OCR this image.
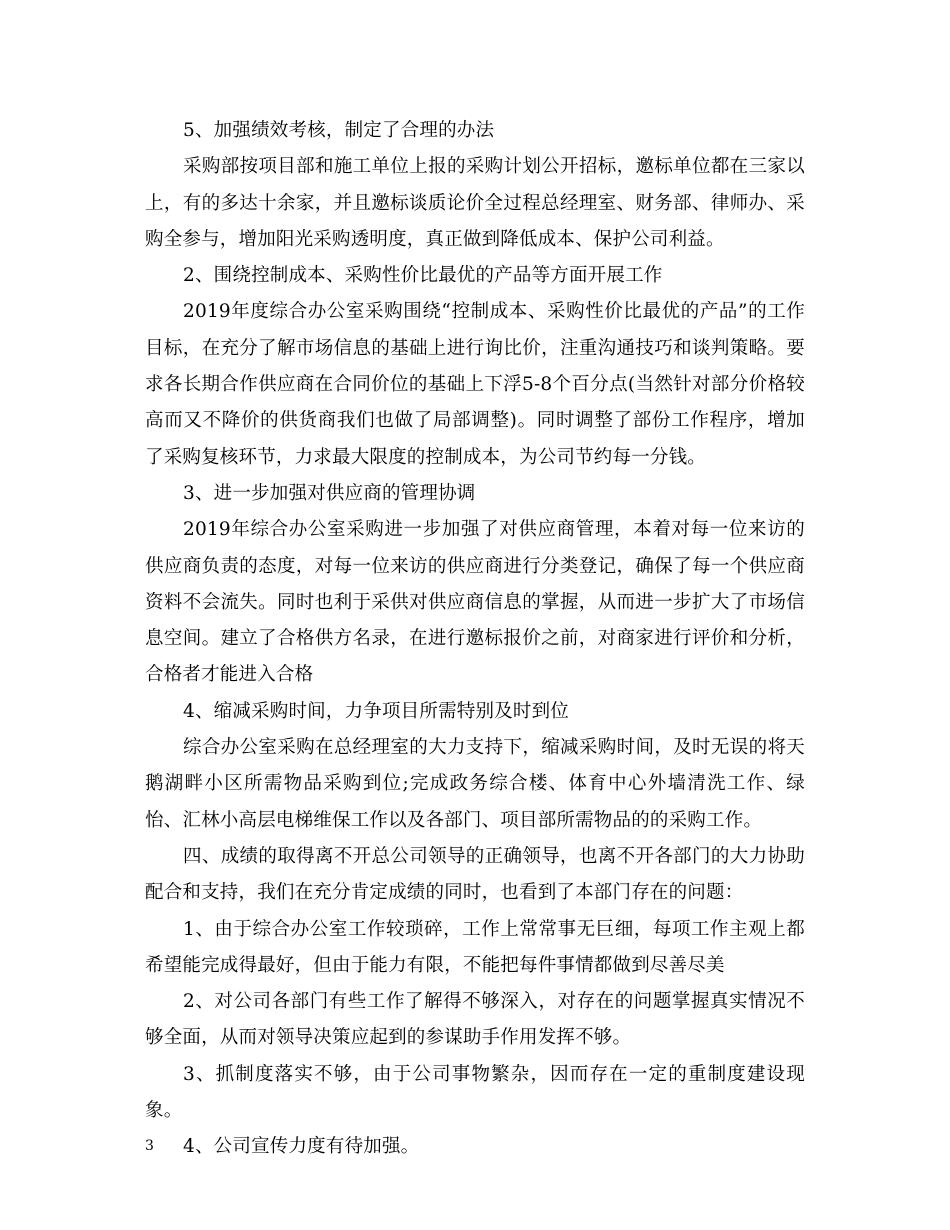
5、加强绩效考核，制定了合理的办法

采购部按项目部和施工单位上报的采购计划公开招标，邀标单位都在三家以上，有的多达十余家，并且邀标谈质论价全过程总经理室、财务部、律师办、采购全参与，增加阳光采购透明度，真正做到降低成本、保护公司利益。

2、围绕控制成本、采购性价比最优的产品等方面开展工作

2019年度综合办公室采购围绕“控制成本、采购性价比最优的产品”的工作目标，在充分了解市场信息的基础上进行询比价，注重沟通技巧和谈判策略。要求各长期合作供应商在合同价位的基础上下浮5-8个百分点(当然针对部分价格较高而又不降价的供货商我们也做了局部调整)。同时调整了部份工作程序，增加了采购复核环节，力求最大限度的控制成本，为公司节约每一分钱。

3、进一步加强对供应商的管理协调

2019年综合办公室采购进一步加强了对供应商管理，本着对每一位来访的供应商负责的态度，对每一位来访的供应商进行分类登记，确保了每一个供应商资料不会流失。同时也利于采供对供应商信息的掌握，从而进一步扩大了市场信息空间。建立了合格供方名录，在进行邀标报价之前，对商家进行评价和分析，合格者才能进入合格

4、缩减采购时间，力争项目所需特别及时到位

综合办公室采购在总经理室的大力支持下，缩减采购时间，及时无误的将天鹅湖畔小区所需物品采购到位;完成政务综合楼、体育中心外墙清洗工作、绿怡、汇林小高层电梯维保工作以及各部门、项目部所需物品的的采购工作。

四、成绩的取得离不开总公司领导的正确领导，也离不开各部门的大力协助配合和支持，我们在充分肯定成绩的同时，也看到了本部门存在的问题：

1、由于综合办公室工作较琐碎，工作上常常事无巨细，每项工作主观上都希望能完成得最好，但由于能力有限，不能把每件事情都做到尽善尽美

2、对公司各部门有些工作了解得不够深入，对存在的问题掌握真实情况不够全面，从而对领导决策应起到的参谋助手作用发挥不够。

3、抓制度落实不够，由于公司事物繁杂，因而存在一定的重制度建设现象。

4、公司宣传力度有待加强。

3
